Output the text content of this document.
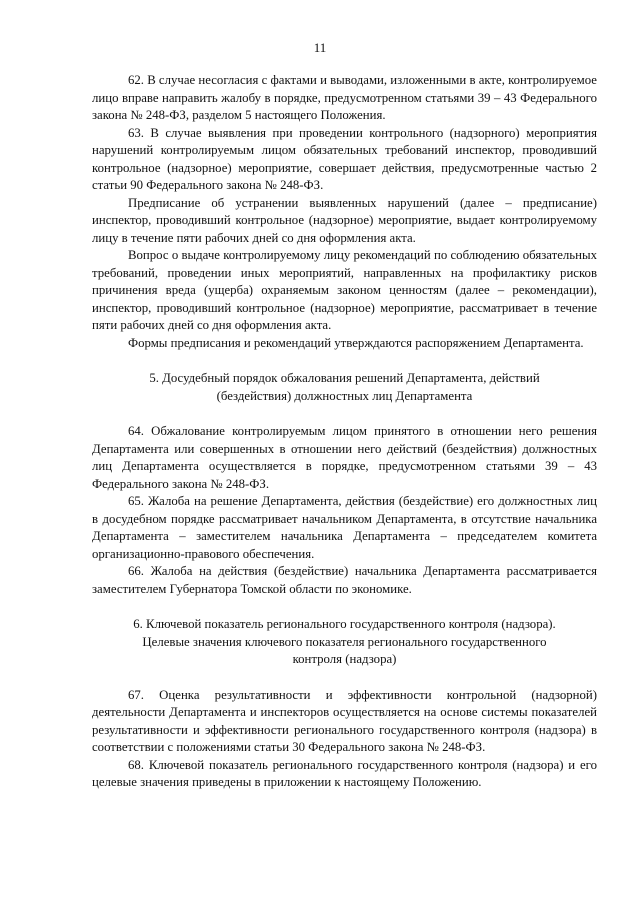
11

62. В случае несогласия с фактами и выводами, изложенными в акте, контролируемое лицо вправе направить жалобу в порядке, предусмотренном статьями 39 – 43 Федерального закона № 248-ФЗ, разделом 5 настоящего Положения.

63. В случае выявления при проведении контрольного (надзорного) мероприятия нарушений контролируемым лицом обязательных требований инспектор, проводивший контрольное (надзорное) мероприятие, совершает действия, предусмотренные частью 2 статьи 90 Федерального закона № 248-ФЗ.

Предписание об устранении выявленных нарушений (далее – предписание) инспектор, проводивший контрольное (надзорное) мероприятие, выдает контролируемому лицу в течение пяти рабочих дней со дня оформления акта.

Вопрос о выдаче контролируемому лицу рекомендаций по соблюдению обязательных требований, проведении иных мероприятий, направленных на профилактику рисков причинения вреда (ущерба) охраняемым законом ценностям (далее – рекомендации), инспектор, проводивший контрольное (надзорное) мероприятие, рассматривает в течение пяти рабочих дней со дня оформления акта.

Формы предписания и рекомендаций утверждаются распоряжением Департамента.

5. Досудебный порядок обжалования решений Департамента, действий
(бездействия) должностных лиц Департамента

64. Обжалование контролируемым лицом принятого в отношении него решения Департамента или совершенных в отношении него действий (бездействия) должностных лиц Департамента осуществляется в порядке, предусмотренном статьями 39 – 43 Федерального закона № 248-ФЗ.

65. Жалоба на решение Департамента, действия (бездействие) его должностных лиц в досудебном порядке рассматривает начальником Департамента, в отсутствие начальника Департамента – заместителем начальника Департамента – председателем комитета организационно-правового обеспечения.

66. Жалоба на действия (бездействие) начальника Департамента рассматривается заместителем Губернатора Томской области по экономике.

6. Ключевой показатель регионального государственного контроля (надзора).
Целевые значения ключевого показателя регионального государственного
контроля (надзора)

67. Оценка результативности и эффективности контрольной (надзорной) деятельности Департамента и инспекторов осуществляется на основе системы показателей результативности и эффективности регионального государственного контроля (надзора) в соответствии с положениями статьи 30 Федерального закона № 248-ФЗ.

68. Ключевой показатель регионального государственного контроля (надзора) и его целевые значения приведены в приложении к настоящему Положению.
